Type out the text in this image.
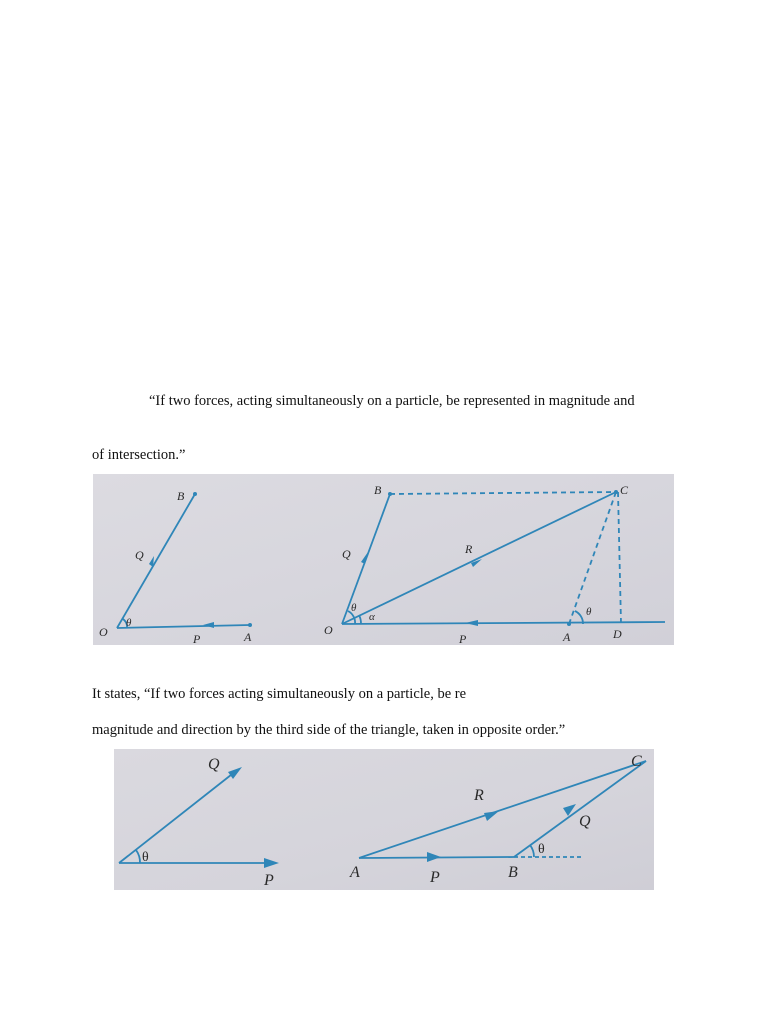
“If two forces, acting simultaneously on a particle, be represented in magnitude and
of intersection.”
O	A
B
P
Q
θ	O	A
B	C
D
P
Q	R
θ
α	θ
It states, “If two forces acting simultaneously on a particle, be re
magnitude and direction by the third side of the triangle, taken in opposite order.”
P
Q
θ
A	B
C
P
Q
R
θ
